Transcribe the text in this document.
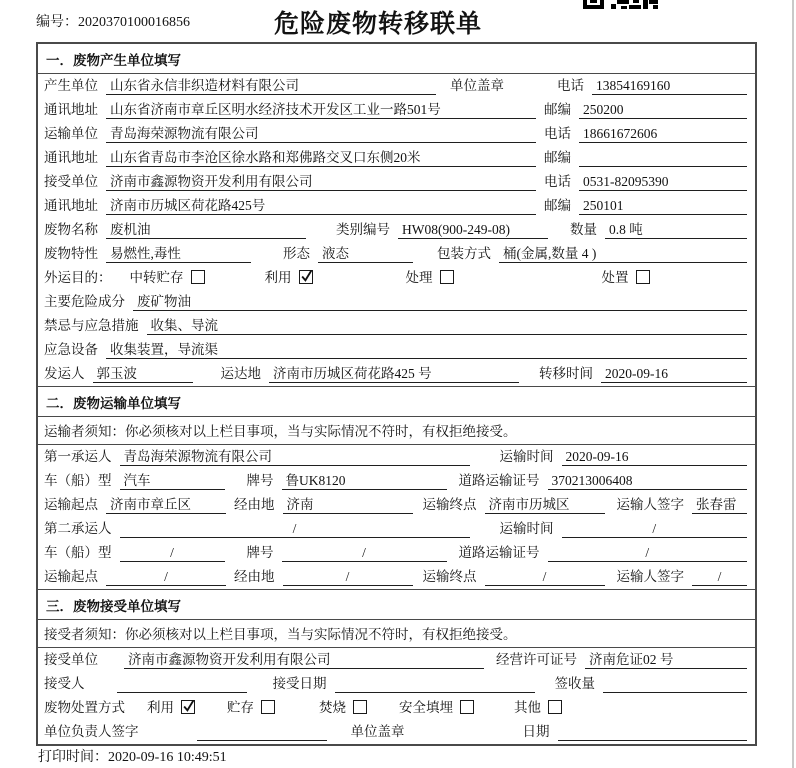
编号：2020370100016856	危险废物转移联单
一．废物产生单位填写
产生单位 山东省永信非织造材料有限公司	单位盖章	电话 13854169160
通讯地址 山东省济南市章丘区明水经济技术开发区工业一路501号	邮编 250200
运输单位 青岛海荣源物流有限公司	电话 18661672606
通讯地址 山东省青岛市李沧区徐水路和郑佛路交叉口东侧20米	邮编
接受单位 济南市鑫源物资开发利用有限公司	电话 0531-82095390
通讯地址 济南市历城区荷花路425号	邮编 250101
废物名称 废机油	类别编号 HW08(900-249-08)	数量 0.8 吨
废物特性 易燃性,毒性	形态 液态	包装方式 桶(金属,数量 4 )
外运目的：	中转贮存	利用	处理	处置
主要危险成分 废矿物油
禁忌与应急措施 收集、导流
应急设备 收集装置，导流渠
发运人 郭玉波	运达地 济南市历城区荷花路425 号	转移时间 2020-09-16
二．废物运输单位填写
运输者须知：你必须核对以上栏目事项，当与实际情况不符时，有权拒绝接受。
第一承运人 青岛海荣源物流有限公司	运输时间 2020-09-16
车（船）型 汽车	牌号 鲁UK8120	道路运输证号 370213006408
运输起点 济南市章丘区	经由地 济南	运输终点 济南市历城区	运输人签字 张春雷
第二承运人	/	运输时间	/
车（船）型	/	牌号	/	道路运输证号	/
运输起点	/	经由地	/	运输终点	/	运输人签字	/
三．废物接受单位填写
接受者须知：你必须核对以上栏目事项，当与实际情况不符时，有权拒绝接受。
接受单位	济南市鑫源物资开发利用有限公司	经营许可证号 济南危证02 号
接受人	接受日期	签收量
废物处置方式	利用	贮存	焚烧	安全填埋	其他
单位负责人签字	单位盖章	日期
打印时间：2020-09-16 10:49:51
